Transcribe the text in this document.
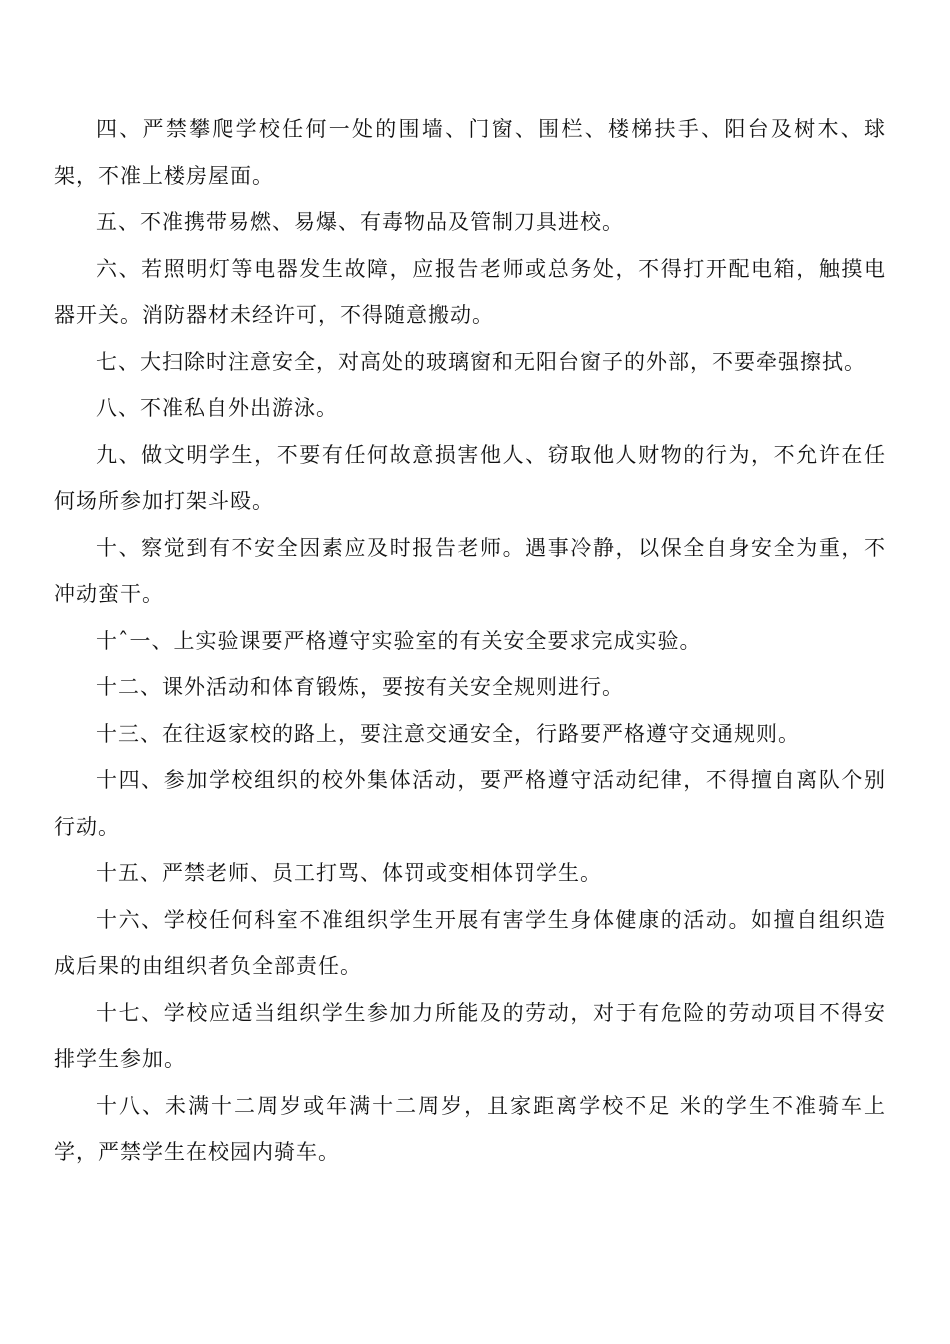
四、严禁攀爬学校任何一处的围墙、门窗、围栏、楼梯扶手、阳台及树木、球架，不准上楼房屋面。

五、不准携带易燃、易爆、有毒物品及管制刀具进校。

六、若照明灯等电器发生故障，应报告老师或总务处，不得打开配电箱，触摸电器开关。消防器材未经许可，不得随意搬动。

七、大扫除时注意安全，对高处的玻璃窗和无阳台窗子的外部，不要牵强擦拭。

八、不准私自外出游泳。

九、做文明学生，不要有任何故意损害他人、窃取他人财物的行为，不允许在任何场所参加打架斗殴。

十、察觉到有不安全因素应及时报告老师。遇事冷静，以保全自身安全为重，不冲动蛮干。

十ˆ一、上实验课要严格遵守实验室的有关安全要求完成实验。

十二、课外活动和体育锻炼，要按有关安全规则进行。

十三、在往返家校的路上，要注意交通安全，行路要严格遵守交通规则。

十四、参加学校组织的校外集体活动，要严格遵守活动纪律，不得擅自离队个别行动。

十五、严禁老师、员工打骂、体罚或变相体罚学生。

十六、学校任何科室不准组织学生开展有害学生身体健康的活动。如擅自组织造成后果的由组织者负全部责任。

十七、学校应适当组织学生参加力所能及的劳动，对于有危险的劳动项目不得安排学生参加。

十八、未满十二周岁或年满十二周岁，且家距离学校不足 米的学生不准骑车上学，严禁学生在校园内骑车。
